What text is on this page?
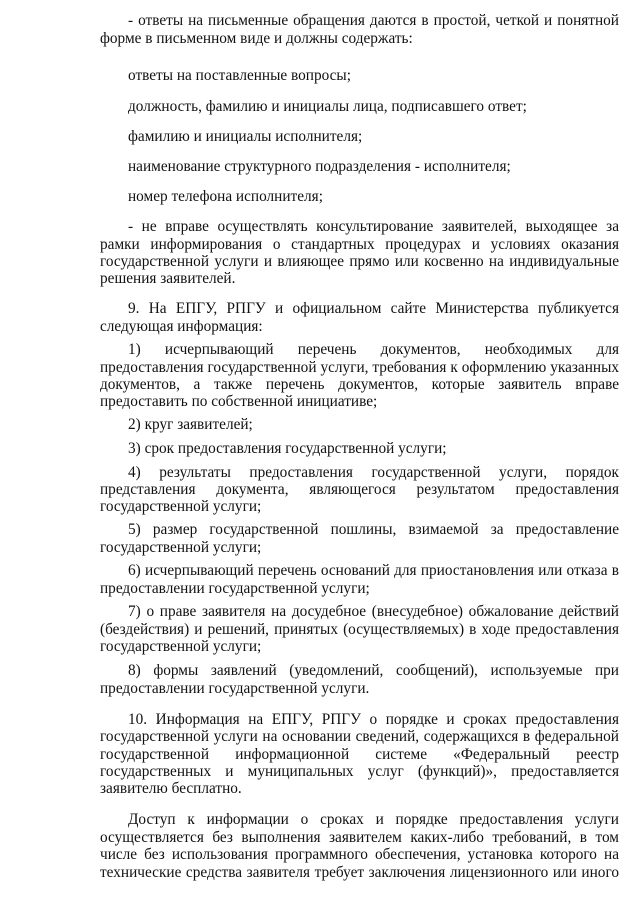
- ответы на письменные обращения даются в простой, четкой и понятной
форме в письменном виде и должны содержать:
ответы на поставленные вопросы;
должность, фамилию и инициалы лица, подписавшего ответ;
фамилию и инициалы исполнителя;
наименование структурного подразделения - исполнителя;
номер телефона исполнителя;
- не вправе осуществлять консультирование заявителей, выходящее за
рамки информирования о стандартных процедурах и условиях оказания
государственной услуги и влияющее прямо или косвенно на индивидуальные
решения заявителей.
9. На ЕПГУ, РПГУ и официальном сайте Министерства публикуется
следующая информация:
1) исчерпывающий перечень документов, необходимых для
предоставления государственной услуги, требования к оформлению указанных
документов, а также перечень документов, которые заявитель вправе
предоставить по собственной инициативе;
2) круг заявителей;
3) срок предоставления государственной услуги;
4) результаты предоставления государственной услуги, порядок
представления документа, являющегося результатом предоставления
государственной услуги;
5) размер государственной пошлины, взимаемой за предоставление
государственной услуги;
6) исчерпывающий перечень оснований для приостановления или отказа в
предоставлении государственной услуги;
7) о праве заявителя на досудебное (внесудебное) обжалование действий
(бездействия) и решений, принятых (осуществляемых) в ходе предоставления
государственной услуги;
8) формы заявлений (уведомлений, сообщений), используемые при
предоставлении государственной услуги.
10. Информация на ЕПГУ, РПГУ о порядке и сроках предоставления
государственной услуги на основании сведений, содержащихся в федеральной
государственной информационной системе «Федеральный реестр
государственных и муниципальных услуг (функций)», предоставляется
заявителю бесплатно.
Доступ к информации о сроках и порядке предоставления услуги
осуществляется без выполнения заявителем каких-либо требований, в том
числе без использования программного обеспечения, установка которого на
технические средства заявителя требует заключения лицензионного или иного
